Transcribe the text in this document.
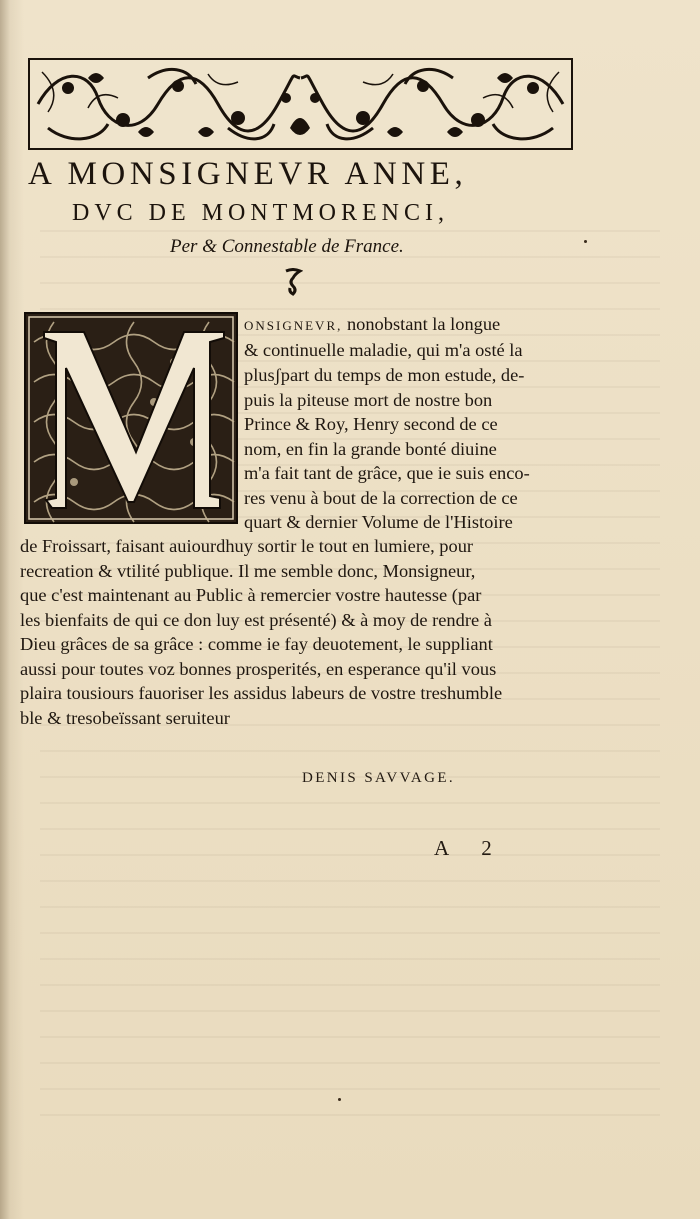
A MONSIGNEVR ANNE,
DVC DE MONTMORENCI,
Per & Connestable de France.
ONSIGNEVR, nonobstant la longue
& continuelle maladie, qui m'a osté la
plusʃpart du temps de mon estude, de-
puis la piteuse mort de nostre bon
Prince & Roy, Henry second de ce
nom, en fin la grande bonté diuine
m'a fait tant de grâce, que ie suis enco-
res venu à bout de la correction de ce
quart & dernier Volume de l'Histoire
de Froissart, faisant auiourdhuy sortir le tout en lumiere, pour
recreation & vtilité publique. Il me semble donc, Monsigneur,
que c'est maintenant au Public à remercier vostre hautesse (par
les bienfaits de qui ce don luy est présenté) & à moy de rendre à
Dieu grâces de sa grâce : comme ie fay deuotement, le suppliant
aussi pour toutes voz bonnes prosperités, en esperance qu'il vous
plaira tousiours fauoriser les assidus labeurs de vostre treshumble
ble & tresobeïssant seruiteur
DENIS SAVVAGE.
A 2
